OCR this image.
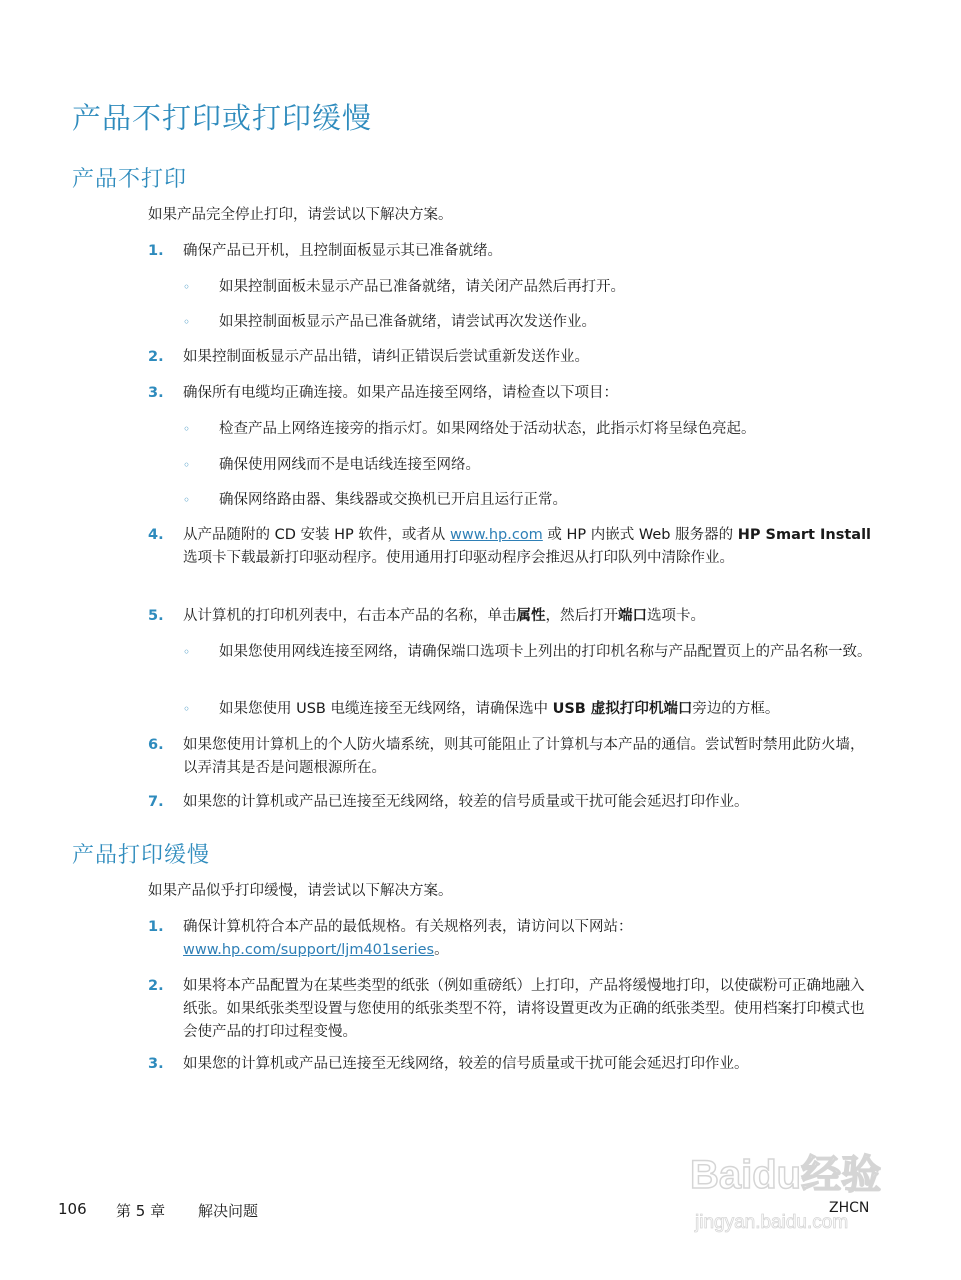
产品不打印或打印缓慢
产品不打印

如果产品完全停止打印，请尝试以下解决方案。

1. 确保产品已开机，且控制面板显示其已准备就绪。
◦ 如果控制面板未显示产品已准备就绪，请关闭产品然后再打开。
◦ 如果控制面板显示产品已准备就绪，请尝试再次发送作业。
2. 如果控制面板显示产品出错，请纠正错误后尝试重新发送作业。
3. 确保所有电缆均正确连接。如果产品连接至网络，请检查以下项目：
◦ 检查产品上网络连接旁的指示灯。如果网络处于活动状态，此指示灯将呈绿色亮起。
◦ 确保使用网线而不是电话线连接至网络。
◦ 确保网络路由器、集线器或交换机已开启且运行正常。
4. 从产品随附的 CD 安装 HP 软件，或者从 www.hp.com 或 HP 内嵌式 Web 服务器的 HP Smart Install 选项卡下载最新打印驱动程序。使用通用打印驱动程序会推迟从打印队列中清除作业。
5. 从计算机的打印机列表中，右击本产品的名称，单击属性，然后打开端口选项卡。
◦ 如果您使用网线连接至网络，请确保端口选项卡上列出的打印机名称与产品配置页上的产品名称一致。
◦ 如果您使用 USB 电缆连接至无线网络，请确保选中 USB 虚拟打印机端口旁边的方框。
6. 如果您使用计算机上的个人防火墙系统，则其可能阻止了计算机与本产品的通信。尝试暂时禁用此防火墙，以弄清其是否是问题根源所在。
7. 如果您的计算机或产品已连接至无线网络，较差的信号质量或干扰可能会延迟打印作业。
产品打印缓慢

如果产品似乎打印缓慢，请尝试以下解决方案。

1. 确保计算机符合本产品的最低规格。有关规格列表，请访问以下网站：www.hp.com/support/ljm401series。
2. 如果将本产品配置为在某些类型的纸张（例如重磅纸）上打印，产品将缓慢地打印，以使碳粉可正确地融入纸张。如果纸张类型设置与您使用的纸张类型不符，请将设置更改为正确的纸张类型。使用档案打印模式也会使产品的打印过程变慢。
3. 如果您的计算机或产品已连接至无线网络，较差的信号质量或干扰可能会延迟打印作业。
106 第 5 章 解决问题	ZHCN
Baidu经验
jingyan.baidu.com
